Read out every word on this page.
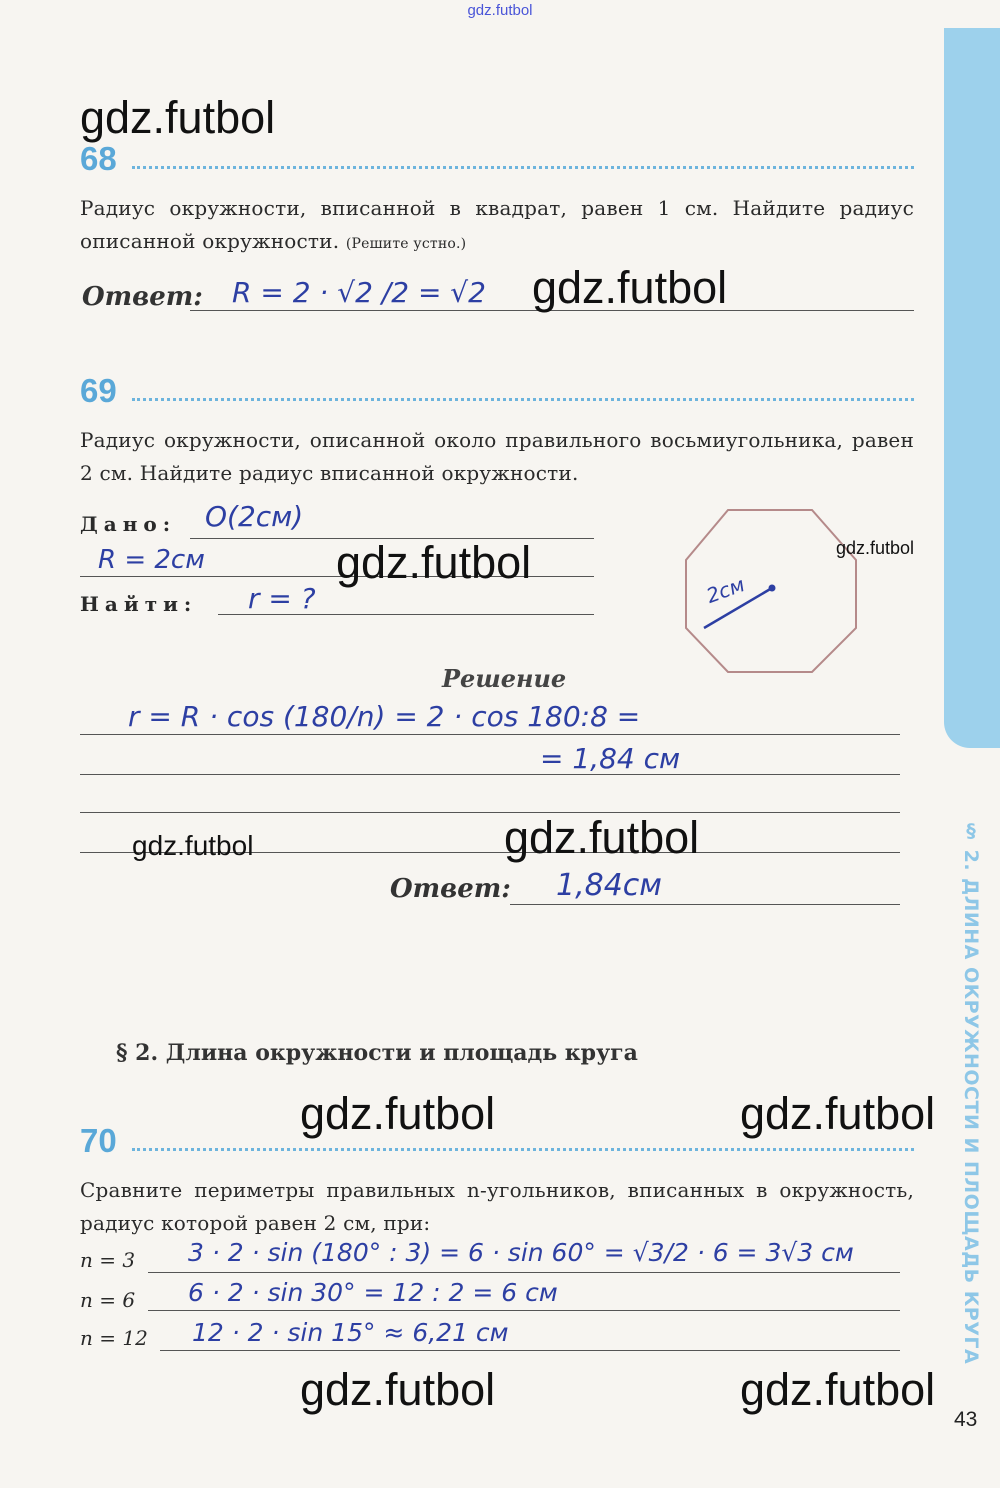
gdz.futbol
§ 2. ДЛИНА ОКРУЖНОСТИ И ПЛОЩАДЬ КРУГА
gdz.futbol
68
Радиус окружности, вписанной в квадрат, равен 1 см. Найдите радиус описанной окружности. (Решите устно.)
Ответ: R = 2 · √2 /2 = √2 gdz.futbol
69
Радиус окружности, описанной около правильного восьмиугольника, равен 2 см. Найдите радиус вписанной окружности.
Дано: O(2см)
R = 2см	gdz.futbol
Найти: r = ?	2см
gdz.futbol
Решение
r = R · cos (180/n) = 2 · cos 180:8 =
= 1,84 см
gdz.futbol	gdz.futbol
Ответ: 1,84см
§ 2. Длина окружности и площадь круга
gdz.futbol	gdz.futbol
70
Сравните периметры правильных n-угольников, вписанных в окружность, радиус которой равен 2 см, при:
n = 3 3 · 2 · sin (180° : 3) = 6 · sin 60° = √3/2 · 6 = 3√3 см
n = 6 6 · 2 · sin 30° = 12 : 2 = 6 см
n = 12 12 · 2 · sin 15° ≈ 6,21 см
gdz.futbol	gdz.futbol
43
